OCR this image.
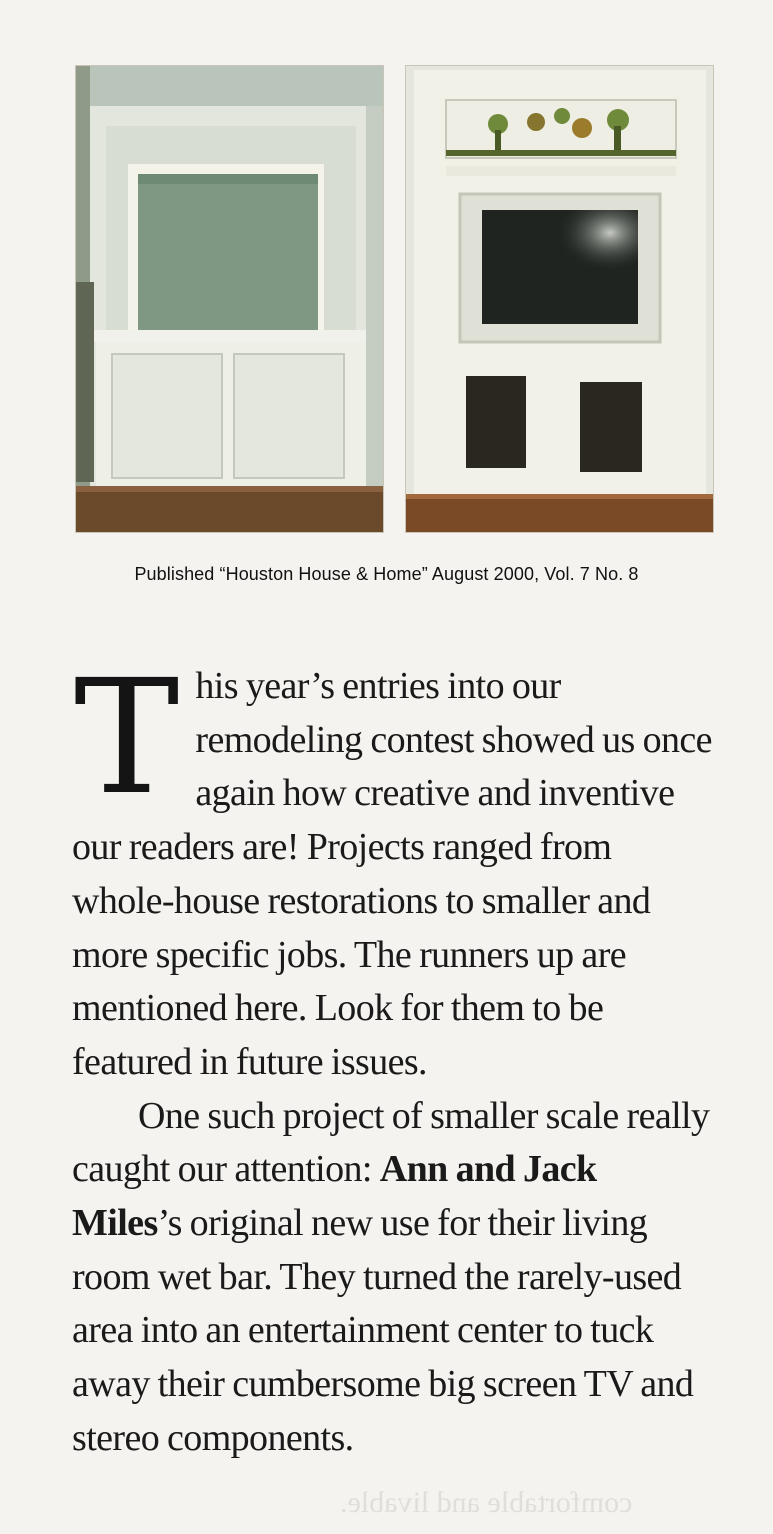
Published “Houston House & Home” August 2000, Vol. 7 No. 8
T his year’s entries into our remodeling contest showed us once again how creative and inventive our readers are! Projects ranged from whole-house restorations to smaller and more specific jobs. The runners up are mentioned here. Look for them to be featured in future issues.

One such project of smaller scale really caught our attention: Ann and Jack Miles’s original new use for their living room wet bar. They turned the rarely-used area into an entertainment center to tuck away their cumbersome big screen TV and stereo components.

comfortable and livable.
